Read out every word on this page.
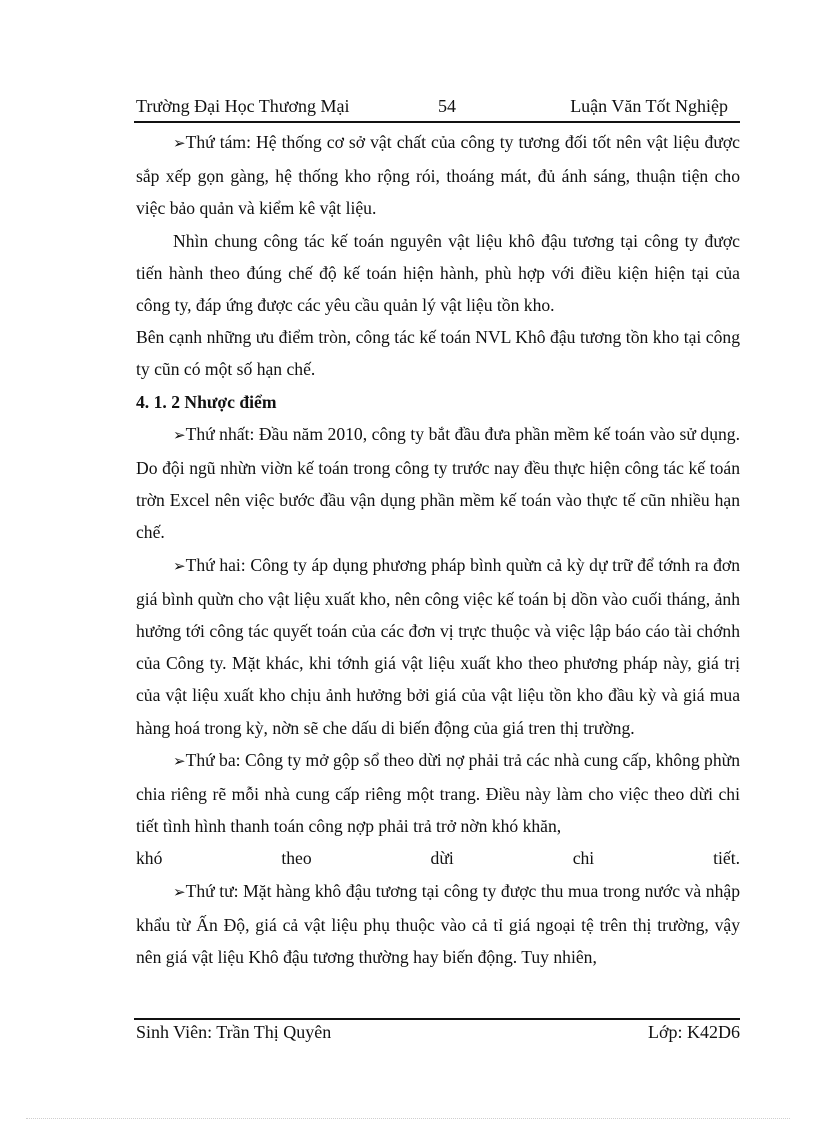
Trường Đại Học Thương Mại	54	Luận Văn Tốt Nghiệp

➢Thứ tám: Hệ thống cơ sở vật chất của công ty tương đối tốt nên vật liệu được sắp xếp gọn gàng, hệ thống kho rộng rói, thoáng mát, đủ ánh sáng, thuận tiện cho việc bảo quản và kiểm kê vật liệu.

Nhìn chung công tác kế toán nguyên vật liệu khô đậu tương tại công ty được tiến hành theo đúng chế độ kế toán hiện hành, phù hợp với điều kiện hiện tại của công ty, đáp ứng được các yêu cầu quản lý vật liệu tồn kho.

Bên cạnh những ưu điểm tròn, công tác kế toán NVL Khô đậu tương tồn kho tại công ty cũn có một số hạn chế.

4. 1. 2 Nhược điểm

➢Thứ nhất: Đầu năm 2010, công ty bắt đầu đưa phần mềm kế toán vào sử dụng. Do đội ngũ nhừn viờn kế toán trong công ty trước nay đều thực hiện công tác kế toán trờn Excel nên việc bước đầu vận dụng phần mềm kế toán vào thực tế cũn nhiều hạn chế.

➢Thứ hai: Công ty áp dụng phương pháp bình quừn cả kỳ dự trữ để tớnh ra đơn giá bình quừn cho vật liệu xuất kho, nên công việc kế toán bị dồn vào cuối tháng, ảnh hưởng tới công tác quyết toán của các đơn vị trực thuộc và việc lập báo cáo tài chớnh của Công ty. Mặt khác, khi tớnh giá vật liệu xuất kho theo phương pháp này, giá trị của vật liệu xuất kho chịu ảnh hưởng bởi giá của vật liệu tồn kho đầu kỳ và giá mua hàng hoá trong kỳ, nờn sẽ che dấu di biến động của giá tren thị trường.

➢Thứ ba: Công ty mở gộp sổ theo dừi nợ phải trả các nhà cung cấp, không phừn chia riêng rẽ mỗi nhà cung cấp riêng một trang. Điều này làm cho việc theo dừi chi tiết tình hình thanh toán công nợp phải trả trở nờn khó khăn,

khó theo dừi chi tiết.

➢Thứ tư: Mặt hàng khô đậu tương tại công ty được thu mua trong nước và nhập khẩu từ Ấn Độ, giá cả vật liệu phụ thuộc vào cả tỉ giá ngoại tệ trên thị trường, vậy nên giá vật liệu Khô đậu tương thường hay biến động. Tuy nhiên,

Sinh Viên: Trần Thị Quyên	Lớp: K42D6
